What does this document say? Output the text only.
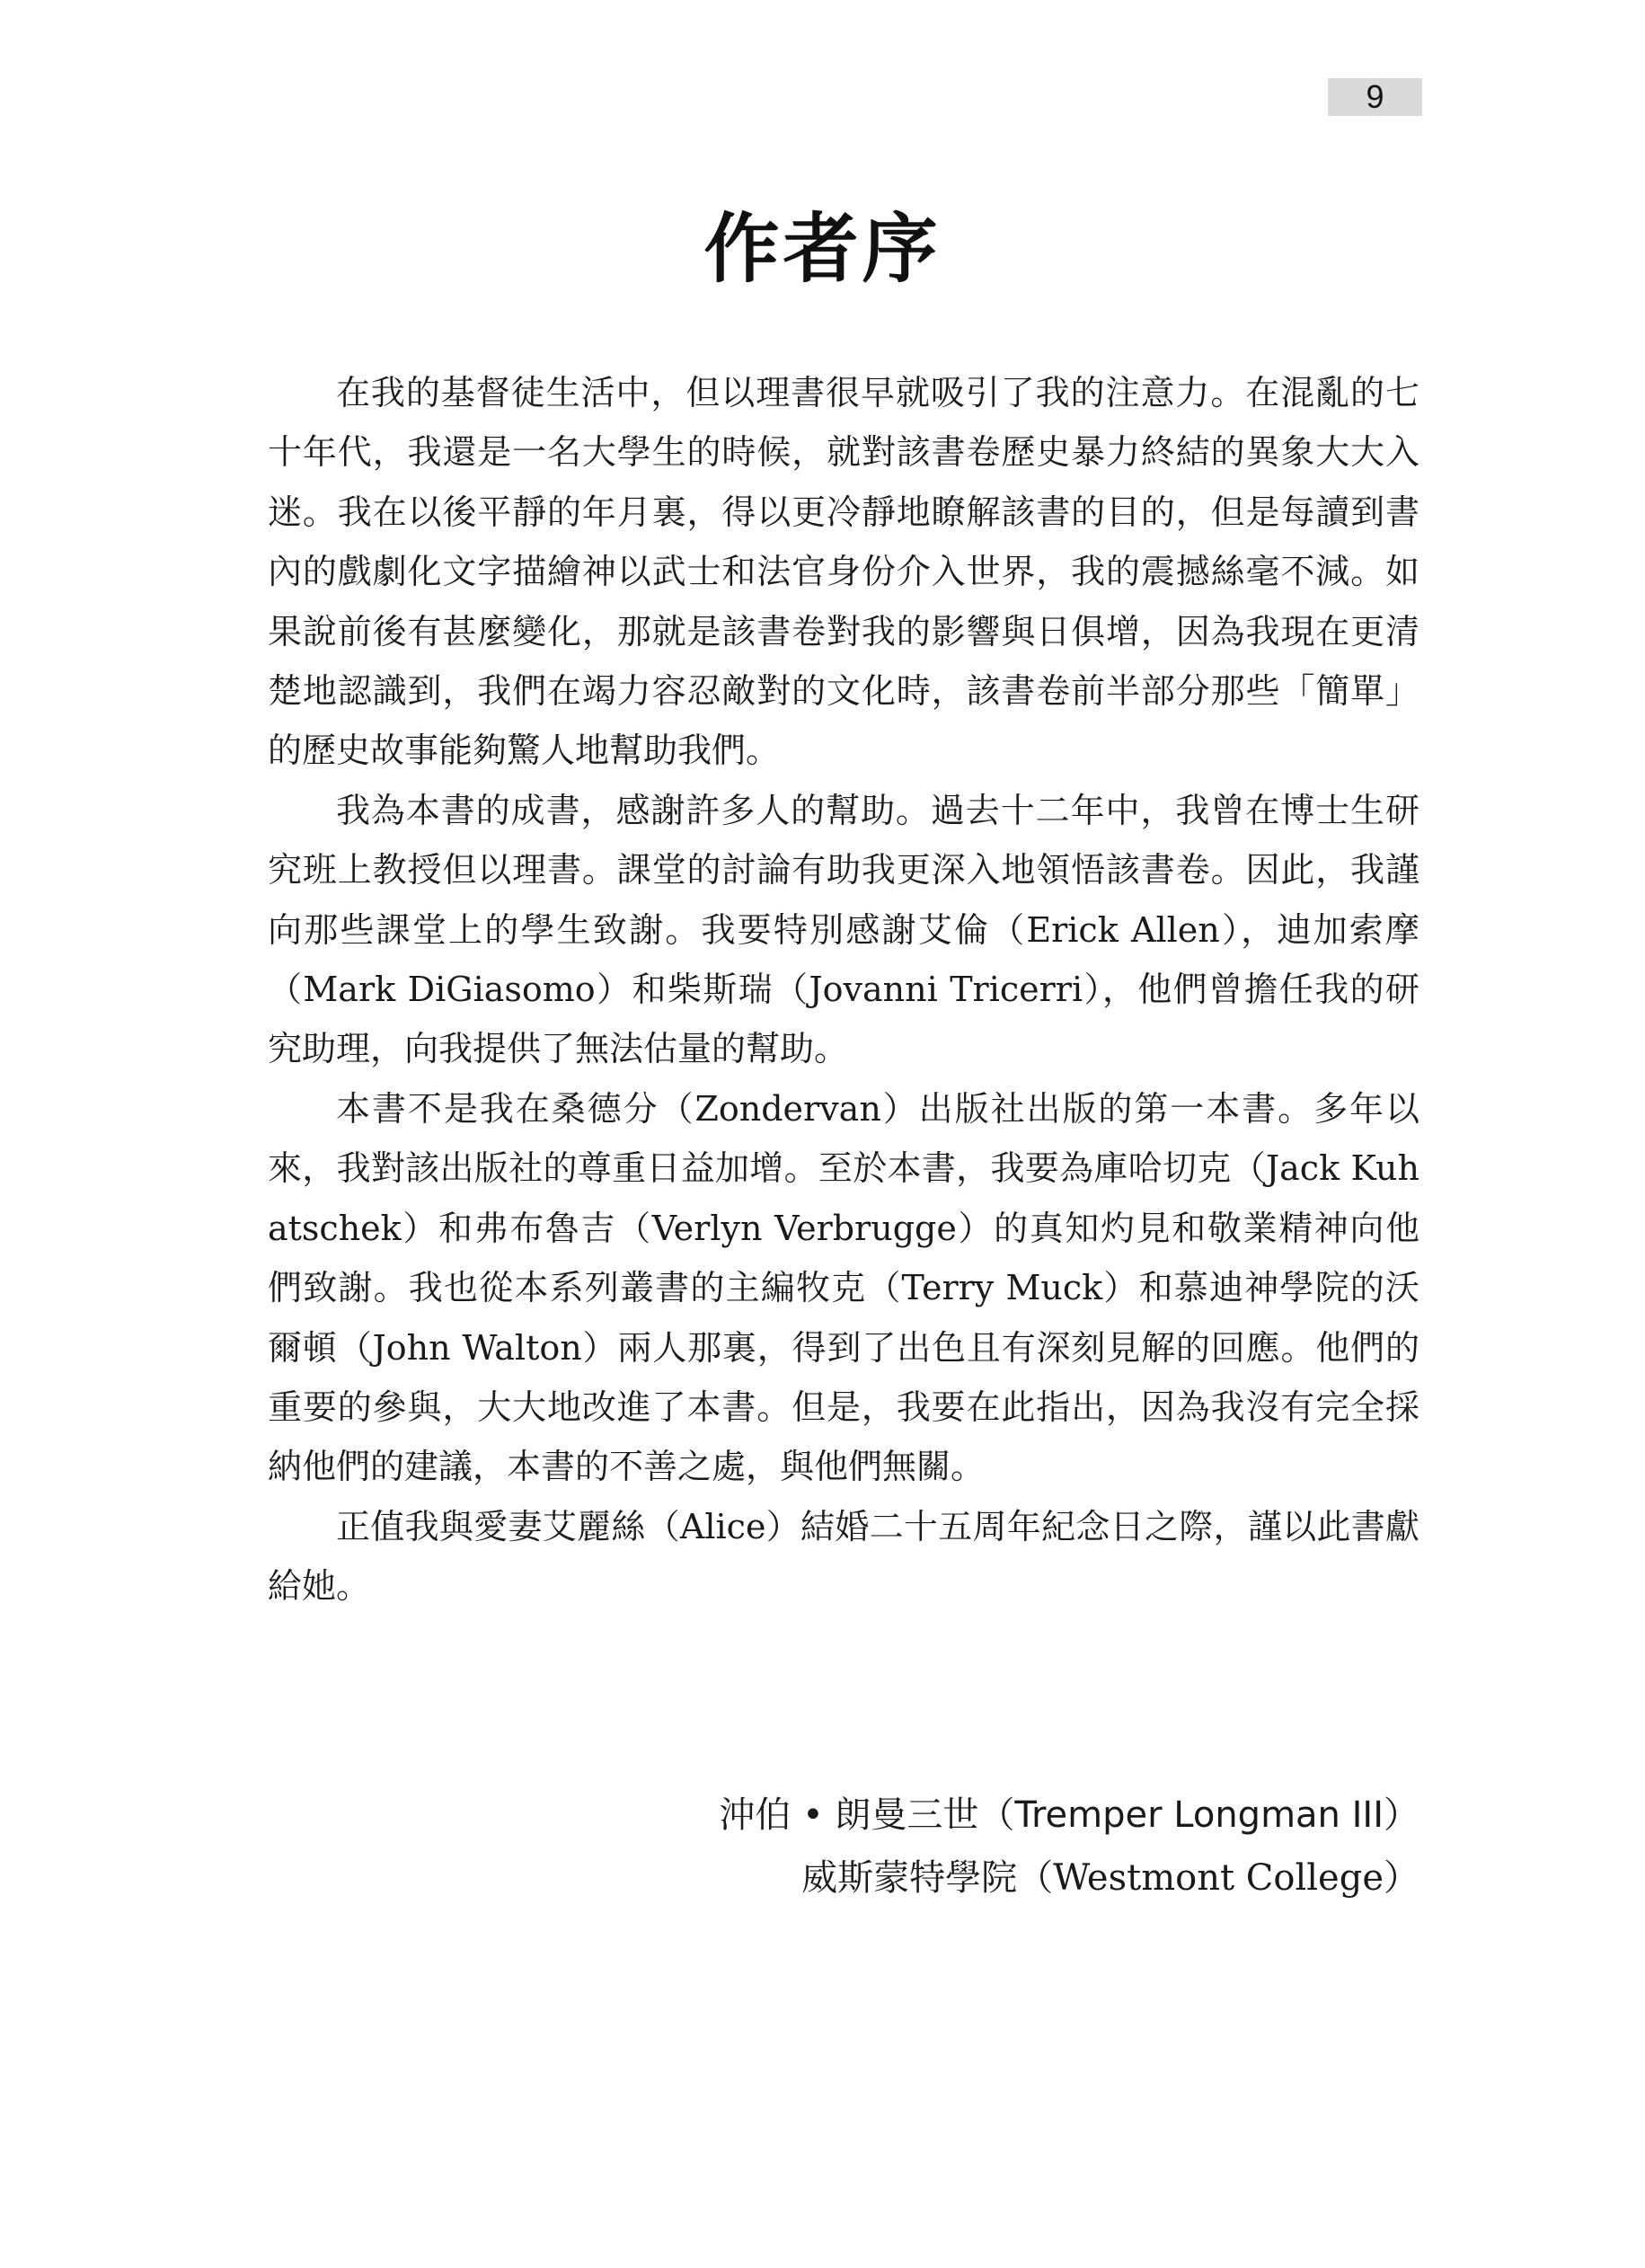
9
作者序

在我的基督徒生活中，但以理書很早就吸引了我的注意力。在混亂的七十年代，我還是一名大學生的時候，就對該書卷歷史暴力終結的異象大大入迷。我在以後平靜的年月裏，得以更冷靜地瞭解該書的目的，但是每讀到書內的戲劇化文字描繪神以武士和法官身份介入世界，我的震撼絲毫不減。如果說前後有甚麼變化，那就是該書卷對我的影響與日俱增，因為我現在更清楚地認識到，我們在竭力容忍敵對的文化時，該書卷前半部分那些「簡單」的歷史故事能夠驚人地幫助我們。

我為本書的成書，感謝許多人的幫助。過去十二年中，我曾在博士生研究班上教授但以理書。課堂的討論有助我更深入地領悟該書卷。因此，我謹向那些課堂上的學生致謝。我要特別感謝艾倫（Erick Allen），迪加索摩（Mark DiGiasomo）和柴斯瑞（Jovanni Tricerri），他們曾擔任我的研究助理，向我提供了無法估量的幫助。

本書不是我在桑德分（Zondervan）出版社出版的第一本書。多年以來，我對該出版社的尊重日益加增。至於本書，我要為庫哈切克（Jack Kuhatschek）和弗布魯吉（Verlyn Verbrugge）的真知灼見和敬業精神向他們致謝。我也從本系列叢書的主編牧克（Terry Muck）和慕迪神學院的沃爾頓（John Walton）兩人那裏，得到了出色且有深刻見解的回應。他們的重要的參與，大大地改進了本書。但是，我要在此指出，因為我沒有完全採納他們的建議，本書的不善之處，與他們無關。

正值我與愛妻艾麗絲（Alice）結婚二十五周年紀念日之際，謹以此書獻給她。

沖伯 • 朗曼三世（Tremper Longman III）
威斯蒙特學院（Westmont College）
